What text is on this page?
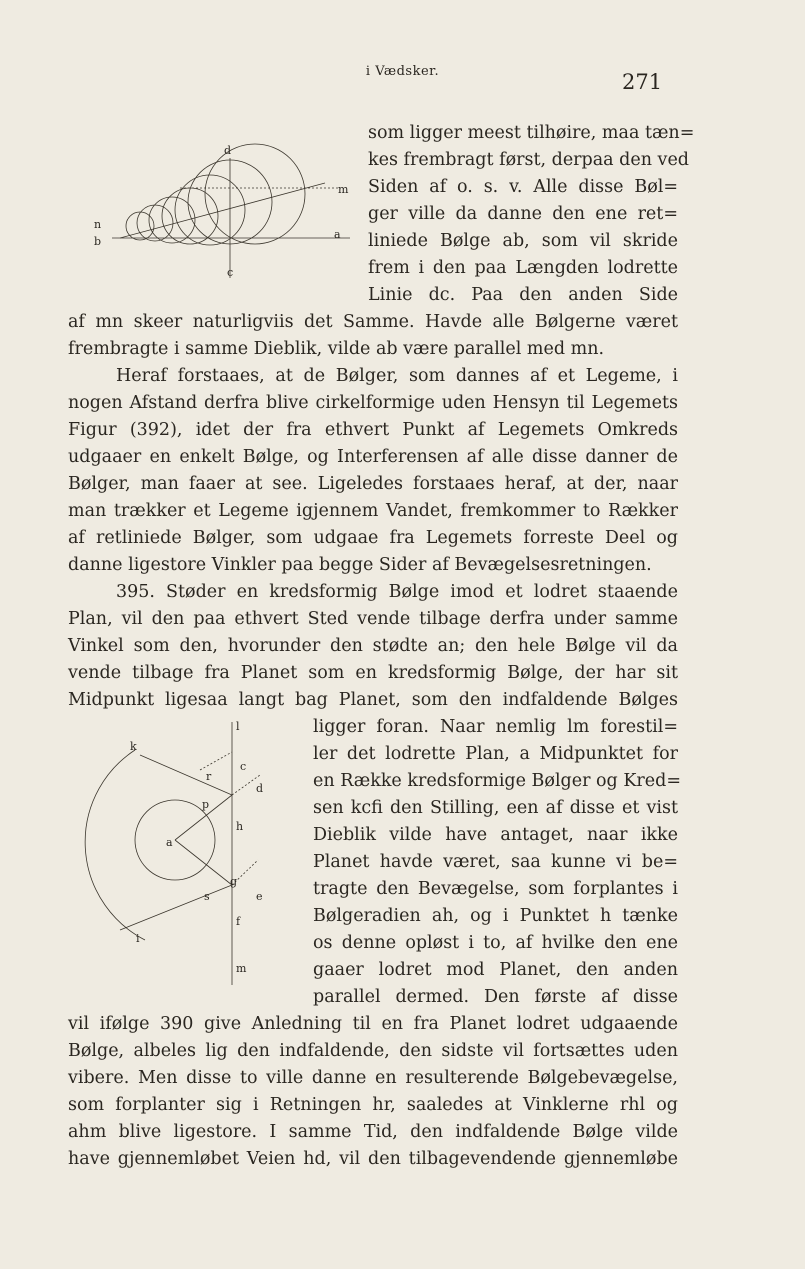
i Vædsker.	271
d
m
n
b
a
c
l
k
c
d
r
p
a
h
g
s	e
f
i
m
som ligger meest tilhøire, maa tæn=
kes frembragt først, derpaa den ved
Siden af o. s. v. Alle disse Bøl=
ger ville da danne den ene ret=
liniede Bølge ab, som vil skride
frem i den paa Længden lodrette
Linie dc. Paa den anden Side
af mn skeer naturligviis det Samme. Havde alle Bølgerne været
frembragte i samme Dieblik, vilde ab være parallel med mn.
Heraf forstaaes, at de Bølger, som dannes af et Legeme, i
nogen Afstand derfra blive cirkelformige uden Hensyn til Legemets
Figur (392), idet der fra ethvert Punkt af Legemets Omkreds
udgaaer en enkelt Bølge, og Interferensen af alle disse danner de
Bølger, man faaer at see. Ligeledes forstaaes heraf, at der, naar
man trækker et Legeme igjennem Vandet, fremkommer to Rækker
af retliniede Bølger, som udgaae fra Legemets forreste Deel og
danne ligestore Vinkler paa begge Sider af Bevægelsesretningen.
395. Støder en kredsformig Bølge imod et lodret staaende
Plan, vil den paa ethvert Sted vende tilbage derfra under samme
Vinkel som den, hvorunder den stødte an; den hele Bølge vil da
vende tilbage fra Planet som en kredsformig Bølge, der har sit
Midpunkt ligesaa langt bag Planet, som den indfaldende Bølges
ligger foran. Naar nemlig lm forestil=
ler det lodrette Plan, a Midpunktet for
en Række kredsformige Bølger og Kred=
sen kcfi den Stilling, een af disse et vist
Dieblik vilde have antaget, naar ikke
Planet havde været, saa kunne vi be=
tragte den Bevægelse, som forplantes i
Bølgeradien ah, og i Punktet h tænke
os denne opløst i to, af hvilke den ene
gaaer lodret mod Planet, den anden
parallel dermed. Den første af disse
vil ifølge 390 give Anledning til en fra Planet lodret udgaaende
Bølge, albeles lig den indfaldende, den sidste vil fortsættes uden
vibere. Men disse to ville danne en resulterende Bølgebevægelse,
som forplanter sig i Retningen hr, saaledes at Vinklerne rhl og
ahm blive ligestore. I samme Tid, den indfaldende Bølge vilde
have gjennemløbet Veien hd, vil den tilbagevendende gjennemløbe
